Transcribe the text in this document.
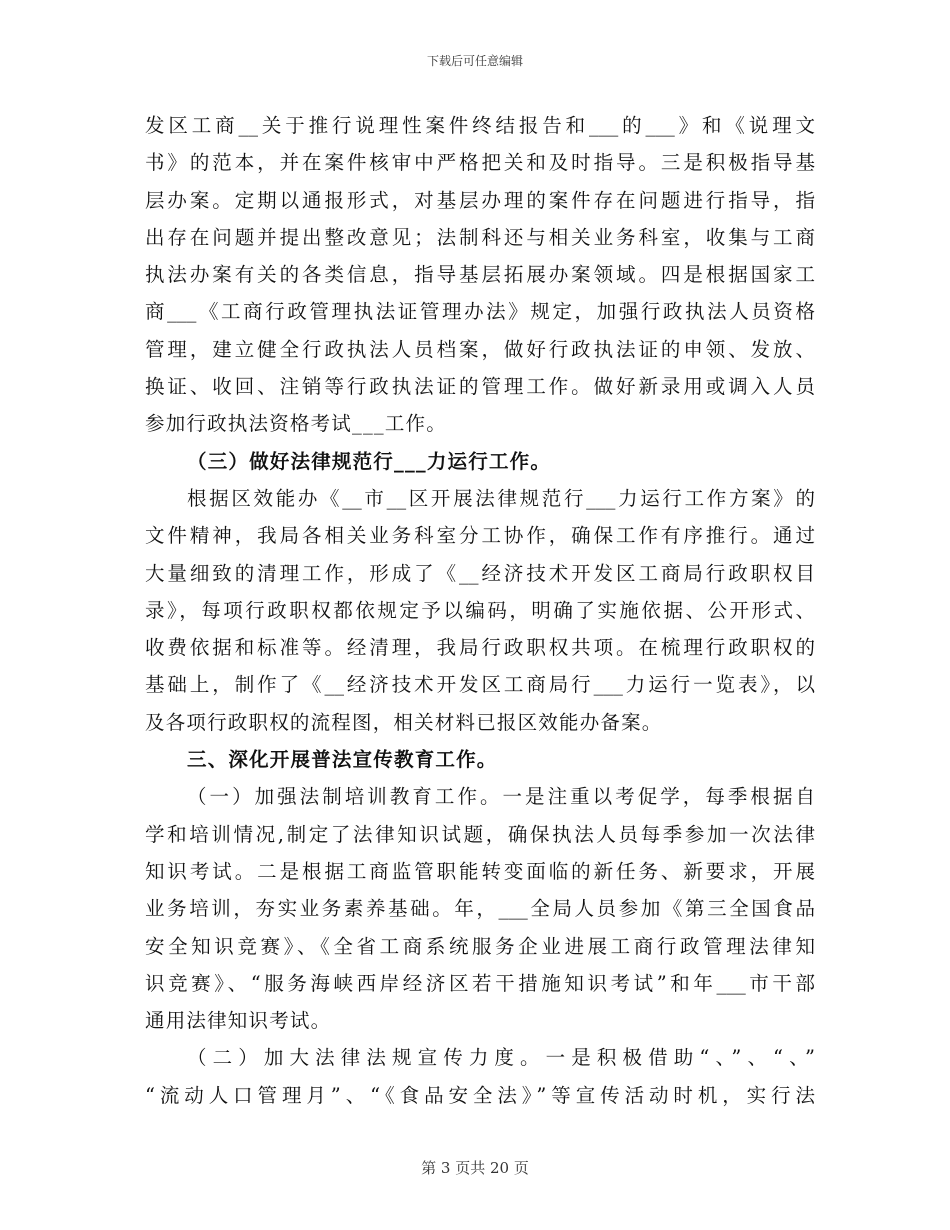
下载后可任意编辑
发区工商__关于推行说理性案件终结报告和___的___》和《说理文
书》的范本，并在案件核审中严格把关和及时指导。三是积极指导基
层办案。定期以通报形式，对基层办理的案件存在问题进行指导，指
出存在问题并提出整改意见；法制科还与相关业务科室，收集与工商
执法办案有关的各类信息，指导基层拓展办案领域。四是根据国家工
商___《工商行政管理执法证管理办法》规定，加强行政执法人员资格
管理，建立健全行政执法人员档案，做好行政执法证的申领、发放、
换证、收回、注销等行政执法证的管理工作。做好新录用或调入人员
参加行政执法资格考试___工作。
（三）做好法律规范行___力运行工作。
根据区效能办《__市__区开展法律规范行___力运行工作方案》的
文件精神，我局各相关业务科室分工协作，确保工作有序推行。通过
大量细致的清理工作，形成了《__经济技术开发区工商局行政职权目
录》，每项行政职权都依规定予以编码，明确了实施依据、公开形式、
收费依据和标准等。经清理，我局行政职权共项。在梳理行政职权的
基础上，制作了《__经济技术开发区工商局行___力运行一览表》，以
及各项行政职权的流程图，相关材料已报区效能办备案。
三、深化开展普法宣传教育工作。
（一）加强法制培训教育工作。一是注重以考促学，每季根据自
学和培训情况,制定了法律知识试题，确保执法人员每季参加一次法律
知识考试。二是根据工商监管职能转变面临的新任务、新要求，开展
业务培训，夯实业务素养基础。年，___全局人员参加《第三全国食品
安全知识竞赛》、《全省工商系统服务企业进展工商行政管理法律知
识竞赛》、“服务海峡西岸经济区若干措施知识考试”和年___市干部
通用法律知识考试。
（二）加大法律法规宣传力度。一是积极借助“、”、“、”
“流动人口管理月”、“《食品安全法》”等宣传活动时机，实行法
第 3 页共 20 页
